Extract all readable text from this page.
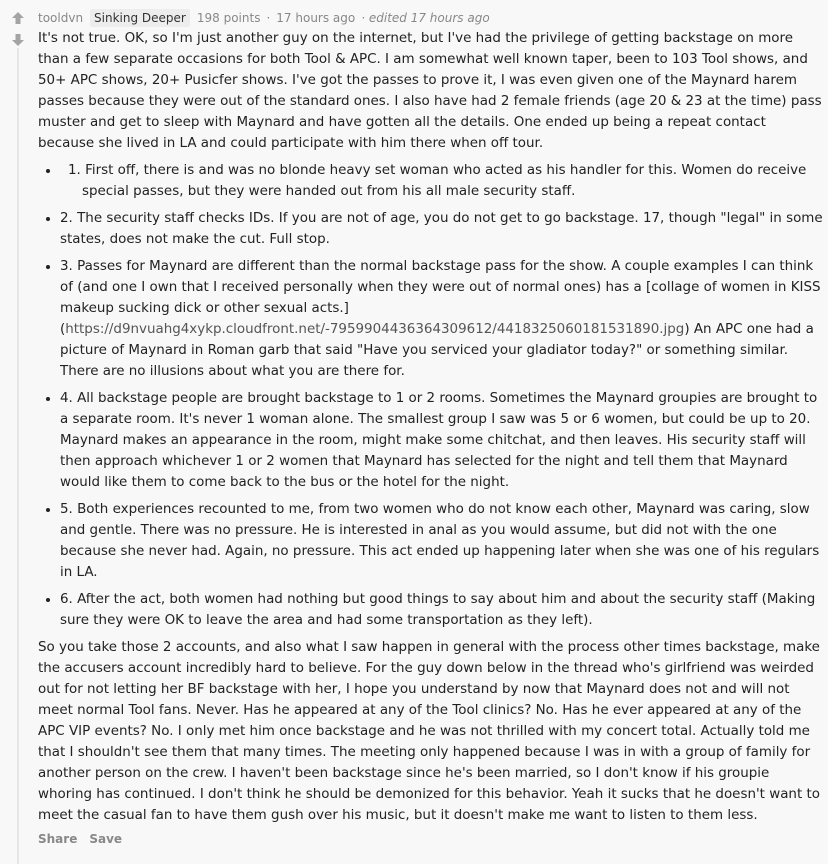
tooldvn Sinking Deeper 198 points · 17 hours ago · edited 17 hours ago

It's not true. OK, so I'm just another guy on the internet, but I've had the privilege of getting backstage on more than a few separate occasions for both Tool & APC. I am somewhat well known taper, been to 103 Tool shows, and 50+ APC shows, 20+ Pusicfer shows. I've got the passes to prove it, I was even given one of the Maynard harem passes because they were out of the standard ones. I also have had 2 female friends (age 20 & 23 at the time) pass muster and get to sleep with Maynard and have gotten all the details. One ended up being a repeat contact because she lived in LA and could participate with him there when off tour.

• 1. First off, there is and was no blonde heavy set woman who acted as his handler for this. Women do receive special passes, but they were handed out from his all male security staff.
• 2. The security staff checks IDs. If you are not of age, you do not get to go backstage. 17, though "legal" in some states, does not make the cut. Full stop.
• 3. Passes for Maynard are different than the normal backstage pass for the show. A couple examples I can think of (and one I own that I received personally when they were out of normal ones) has a [collage of women in KISS makeup sucking dick or other sexual acts.] (https://d9nvuahg4xykp.cloudfront.net/-7959904436364309612/4418325060181531890.jpg) An APC one had a picture of Maynard in Roman garb that said "Have you serviced your gladiator today?" or something similar. There are no illusions about what you are there for.
• 4. All backstage people are brought backstage to 1 or 2 rooms. Sometimes the Maynard groupies are brought to a separate room. It's never 1 woman alone. The smallest group I saw was 5 or 6 women, but could be up to 20. Maynard makes an appearance in the room, might make some chitchat, and then leaves. His security staff will then approach whichever 1 or 2 women that Maynard has selected for the night and tell them that Maynard would like them to come back to the bus or the hotel for the night.
• 5. Both experiences recounted to me, from two women who do not know each other, Maynard was caring, slow and gentle. There was no pressure. He is interested in anal as you would assume, but did not with the one because she never had. Again, no pressure. This act ended up happening later when she was one of his regulars in LA.
• 6. After the act, both women had nothing but good things to say about him and about the security staff (Making sure they were OK to leave the area and had some transportation as they left).

So you take those 2 accounts, and also what I saw happen in general with the process other times backstage, make the accusers account incredibly hard to believe. For the guy down below in the thread who's girlfriend was weirded out for not letting her BF backstage with her, I hope you understand by now that Maynard does not and will not meet normal Tool fans. Never. Has he appeared at any of the Tool clinics? No. Has he ever appeared at any of the APC VIP events? No. I only met him once backstage and he was not thrilled with my concert total. Actually told me that I shouldn't see them that many times. The meeting only happened because I was in with a group of family for another person on the crew. I haven't been backstage since he's been married, so I don't know if his groupie whoring has continued. I don't think he should be demonized for this behavior. Yeah it sucks that he doesn't want to meet the casual fan to have them gush over his music, but it doesn't make me want to listen to them less.

Share Save
